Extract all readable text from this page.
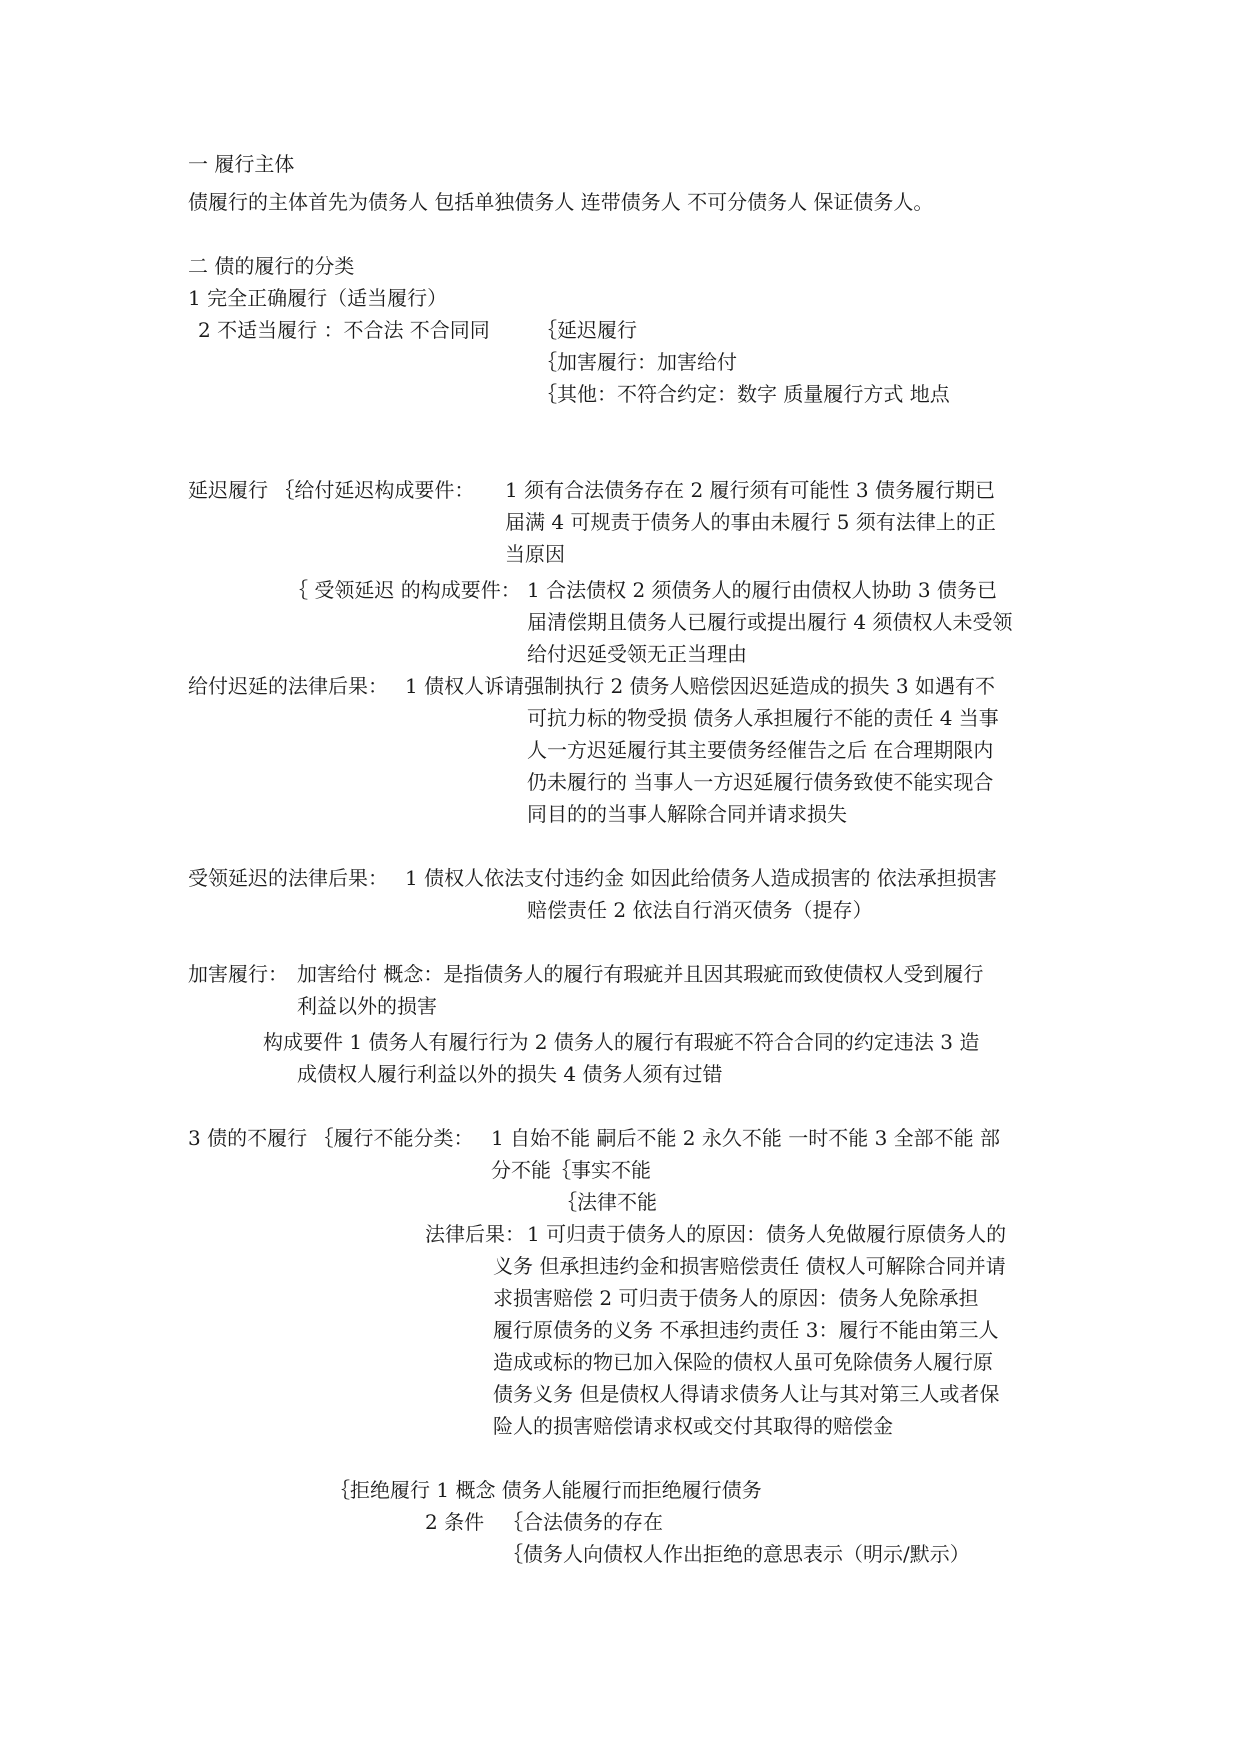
一 履行主体

债履行的主体首先为债务人 包括单独债务人 连带债务人 不可分债务人 保证债务人。

二 债的履行的分类

1 完全正确履行（适当履行）

2 不适当履行 ：不合法 不合同同 ｛延迟履行

｛加害履行：加害给付

｛其他：不符合约定：数字 质量履行方式 地点

延迟履行 ｛给付延迟构成要件： 1 须有合法债务存在 2 履行须有可能性 3 债务履行期已

届满 4 可规责于债务人的事由未履行 5 须有法律上的正

当原因

｛ 受领延迟 的构成要件： 1 合法债权 2 须债务人的履行由债权人协助 3 债务已

届清偿期且债务人已履行或提出履行 4 须债权人未受领

给付迟延受领无正当理由

给付迟延的法律后果： 1 债权人诉请强制执行 2 债务人赔偿因迟延造成的损失 3 如遇有不

可抗力标的物受损 债务人承担履行不能的责任 4 当事

人一方迟延履行其主要债务经催告之后 在合理期限内

仍未履行的 当事人一方迟延履行债务致使不能实现合

同目的的当事人解除合同并请求损失

受领延迟的法律后果： 1 债权人依法支付违约金 如因此给债务人造成损害的 依法承担损害

赔偿责任 2 依法自行消灭债务（提存）

加害履行： 加害给付 概念：是指债务人的履行有瑕疵并且因其瑕疵而致使债权人受到履行

利益以外的损害

构成要件 1 债务人有履行行为 2 债务人的履行有瑕疵不符合合同的约定违法 3 造

成债权人履行利益以外的损失 4 债务人须有过错

3 债的不履行 ｛履行不能分类： 1 自始不能 嗣后不能 2 永久不能 一时不能 3 全部不能 部

分不能｛事实不能

｛法律不能

法律后果： 1 可归责于债务人的原因：债务人免做履行原债务人的

义务 但承担违约金和损害赔偿责任 债权人可解除合同并请

求损害赔偿 2 可归责于债务人的原因：债务人免除承担

履行原债务的义务 不承担违约责任 3：履行不能由第三人

造成或标的物已加入保险的债权人虽可免除债务人履行原

债务义务 但是债权人得请求债务人让与其对第三人或者保

险人的损害赔偿请求权或交付其取得的赔偿金

｛拒绝履行 1 概念 债务人能履行而拒绝履行债务

2 条件 ｛合法债务的存在

｛债务人向债权人作出拒绝的意思表示（明示/默示）
